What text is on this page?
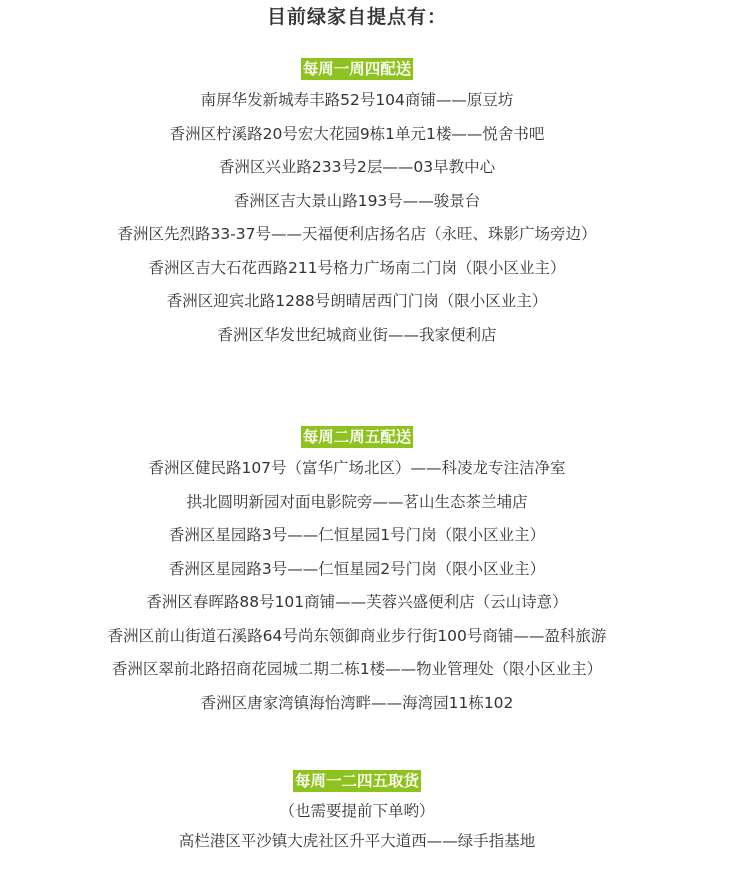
目前绿家自提点有：
每周一周四配送
南屏华发新城寿丰路52号104商铺——原豆坊
香洲区柠溪路20号宏大花园9栋1单元1楼——悦舍书吧
香洲区兴业路233号2层——03早教中心
香洲区吉大景山路193号——骏景台
香洲区先烈路33-37号——天福便利店扬名店（永旺、珠影广场旁边）
香洲区吉大石花西路211号格力广场南二门岗（限小区业主）
香洲区迎宾北路1288号朗晴居西门门岗（限小区业主）
香洲区华发世纪城商业街——我家便利店
每周二周五配送
香洲区健民路107号（富华广场北区）——科凌龙专注洁净室
拱北圆明新园对面电影院旁——茗山生态茶兰埔店
香洲区星园路3号——仁恒星园1号门岗（限小区业主）
香洲区星园路3号——仁恒星园2号门岗（限小区业主）
香洲区春晖路88号101商铺——芙蓉兴盛便利店（云山诗意）
香洲区前山街道石溪路64号尚东领御商业步行街100号商铺——盈科旅游
香洲区翠前北路招商花园城二期二栋1楼——物业管理处（限小区业主）
香洲区唐家湾镇海怡湾畔——海湾园11栋102
每周一二四五取货
（也需要提前下单哟）
高栏港区平沙镇大虎社区升平大道西——绿手指基地
